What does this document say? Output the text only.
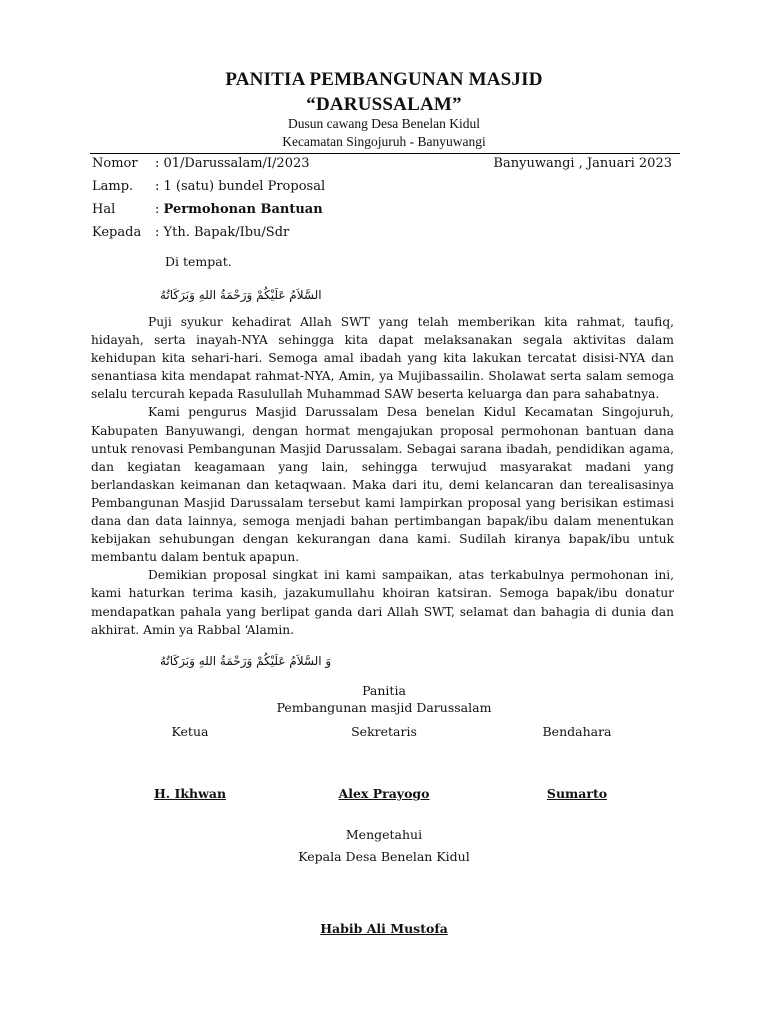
PANITIA PEMBANGUNAN MASJID
“DARUSSALAM”
Dusun cawang Desa Benelan Kidul
Kecamatan Singojuruh - Banyuwangi
Nomor : 01/Darussalam/I/2023	Banyuwangi , Januari 2023
Lamp. : 1 (satu) bundel Proposal
Hal	: Permohonan Bantuan
Kepada : Yth. Bapak/Ibu/Sdr
Di tempat.
السَّلاَمُ عَلَيْكُمْ وَرَحْمَةُ اللهِ وَبَرَكَاتُهُ

Puji syukur kehadirat Allah SWT yang telah memberikan kita rahmat, taufiq, hidayah, serta inayah-NYA sehingga kita dapat melaksanakan segala aktivitas dalam kehidupan kita sehari-hari. Semoga amal ibadah yang kita lakukan tercatat disisi-NYA dan senantiasa kita mendapat rahmat-NYA, Amin, ya Mujibassailin. Sholawat serta salam semoga selalu tercurah kepada Rasulullah Muhammad SAW beserta keluarga dan para sahabatnya.

Kami pengurus Masjid Darussalam Desa benelan Kidul Kecamatan Singojuruh, Kabupaten Banyuwangi, dengan hormat mengajukan proposal permohonan bantuan dana untuk renovasi Pembangunan Masjid Darussalam. Sebagai sarana ibadah, pendidikan agama, dan kegiatan keagamaan yang lain, sehingga terwujud masyarakat madani yang berlandaskan keimanan dan ketaqwaan. Maka dari itu, demi kelancaran dan terealisasinya Pembangunan Masjid Darussalam tersebut kami lampirkan proposal yang berisikan estimasi dana dan data lainnya, semoga menjadi bahan pertimbangan bapak/ibu dalam menentukan kebijakan sehubungan dengan kekurangan dana kami. Sudilah kiranya bapak/ibu untuk membantu dalam bentuk apapun.

Demikian proposal singkat ini kami sampaikan, atas terkabulnya permohonan ini, kami haturkan terima kasih, jazakumullahu khoiran katsiran. Semoga bapak/ibu donatur mendapatkan pahala yang berlipat ganda dari Allah SWT, selamat dan bahagia di dunia dan akhirat. Amin ya Rabbal ‘Alamin.

وَ السَّلاَمُ عَلَيْكُمْ وَرَحْمَةُ اللهِ وَبَرَكَاتُهُ
Panitia
Pembangunan masjid Darussalam
Ketua	Sekretaris	Bendahara
H. Ikhwan	Alex Prayogo	Sumarto
Mengetahui
Kepala Desa Benelan Kidul
Habib Ali Mustofa
